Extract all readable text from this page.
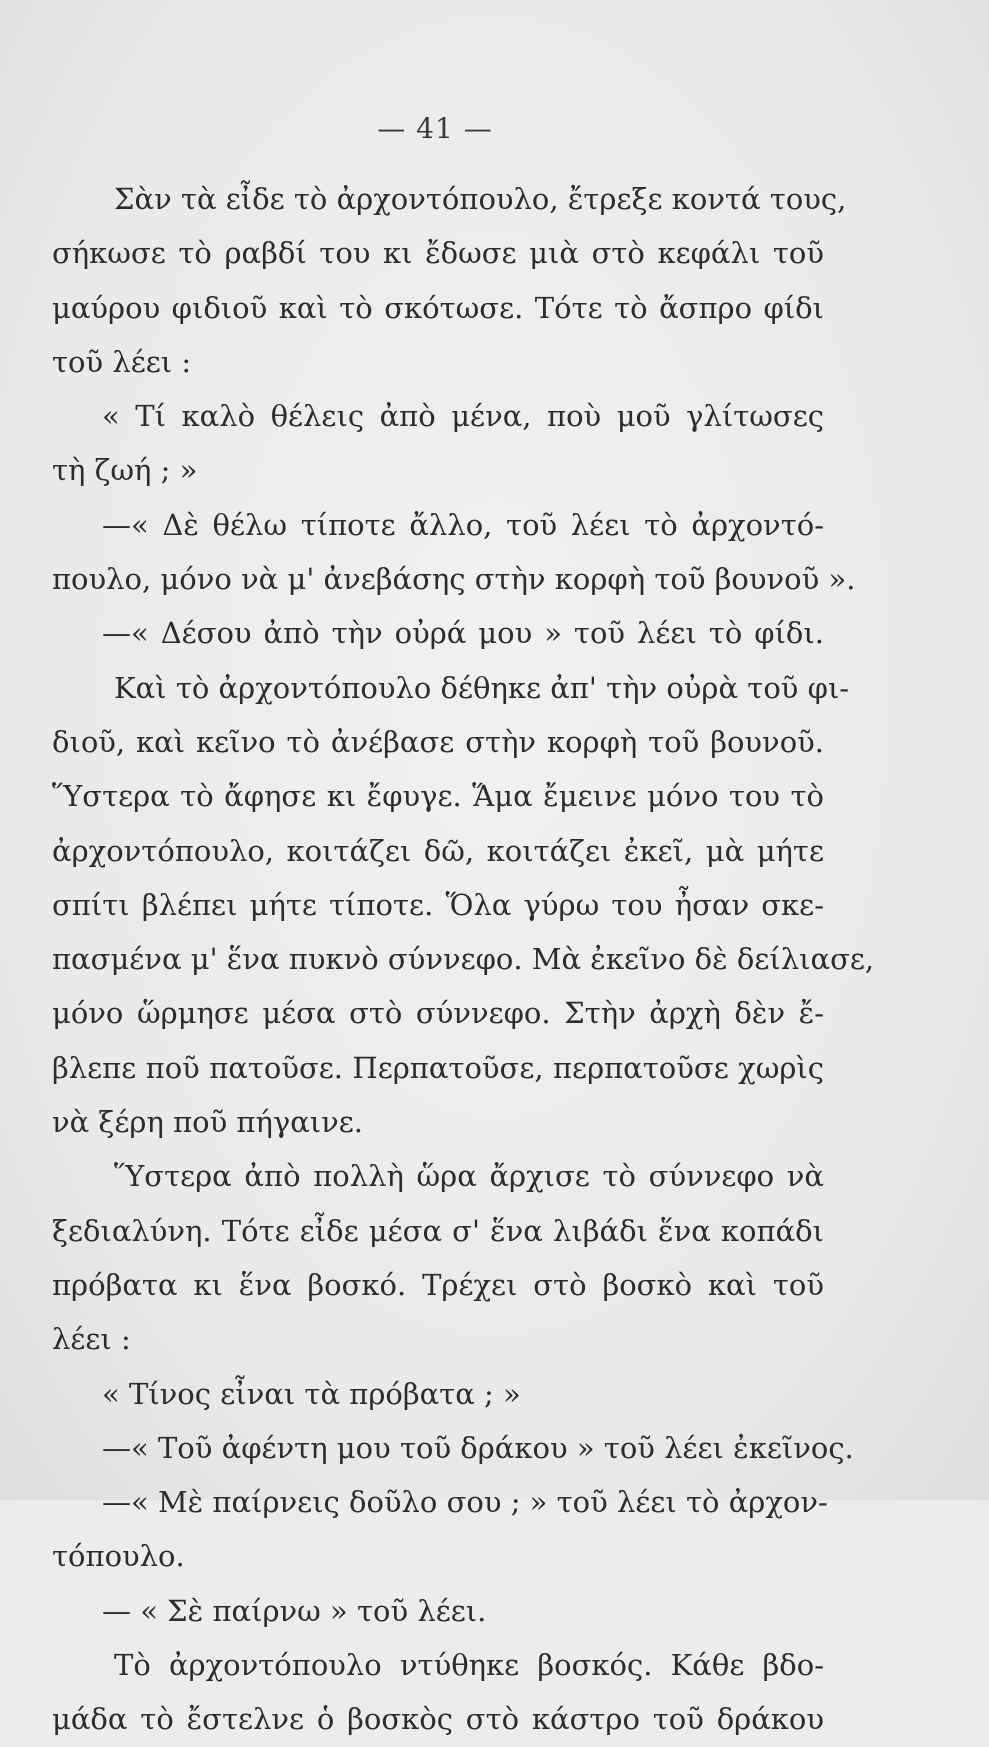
— 41 —
Σὰν τὰ εἶδε τὸ ἀρχοντόπουλο, ἔτρεξε κοντά τους,
σήκωσε τὸ ραβδί του κι ἔδωσε μιὰ στὸ κεφάλι τοῦ
μαύρου φιδιοῦ καὶ τὸ σκότωσε. Τότε τὸ ἄσπρο φίδι
τοῦ λέει :
« Τί καλὸ θέλεις ἀπὸ μένα, ποὺ μοῦ γλίτωσες
τὴ ζωή ; »
—« Δὲ θέλω τίποτε ἄλλο, τοῦ λέει τὸ ἀρχοντό-
πουλο, μόνο νὰ μ' ἀνεβάσης στὴν κορφὴ τοῦ βουνοῦ ».
—« Δέσου ἀπὸ τὴν οὐρά μου » τοῦ λέει τὸ φίδι.
Καὶ τὸ ἀρχοντόπουλο δέθηκε ἀπ' τὴν οὐρὰ τοῦ φι-
διοῦ, καὶ κεῖνο τὸ ἀνέβασε στὴν κορφὴ τοῦ βουνοῦ.
Ὕστερα τὸ ἄφησε κι ἔφυγε. Ἅμα ἔμεινε μόνο του τὸ
ἀρχοντόπουλο, κοιτάζει δῶ, κοιτάζει ἐκεῖ, μὰ μήτε
σπίτι βλέπει μήτε τίποτε. Ὅλα γύρω του ἦσαν σκε-
πασμένα μ' ἕνα πυκνὸ σύννεφο. Μὰ ἐκεῖνο δὲ δείλιασε,
μόνο ὥρμησε μέσα στὸ σύννεφο. Στὴν ἀρχὴ δὲν ἔ-
βλεπε ποῦ πατοῦσε. Περπατοῦσε, περπατοῦσε χωρὶς
νὰ ξέρη ποῦ πήγαινε.
Ὕστερα ἀπὸ πολλὴ ὥρα ἄρχισε τὸ σύννεφο νὰ
ξεδιαλύνη. Τότε εἶδε μέσα σ' ἕνα λιβάδι ἕνα κοπάδι
πρόβατα κι ἕνα βοσκό. Τρέχει στὸ βοσκὸ καὶ τοῦ
λέει :
« Τίνος εἶναι τὰ πρόβατα ; »
—« Τοῦ ἀφέντη μου τοῦ δράκου » τοῦ λέει ἐκεῖνος.
—« Μὲ παίρνεις δοῦλο σου ; » τοῦ λέει τὸ ἀρχον-
τόπουλο.
— « Σὲ παίρνω » τοῦ λέει.
Τὸ ἀρχοντόπουλο ντύθηκε βοσκός. Κάθε βδο-
μάδα τὸ ἔστελνε ὁ βοσκὸς στὸ κάστρο τοῦ δράκου
